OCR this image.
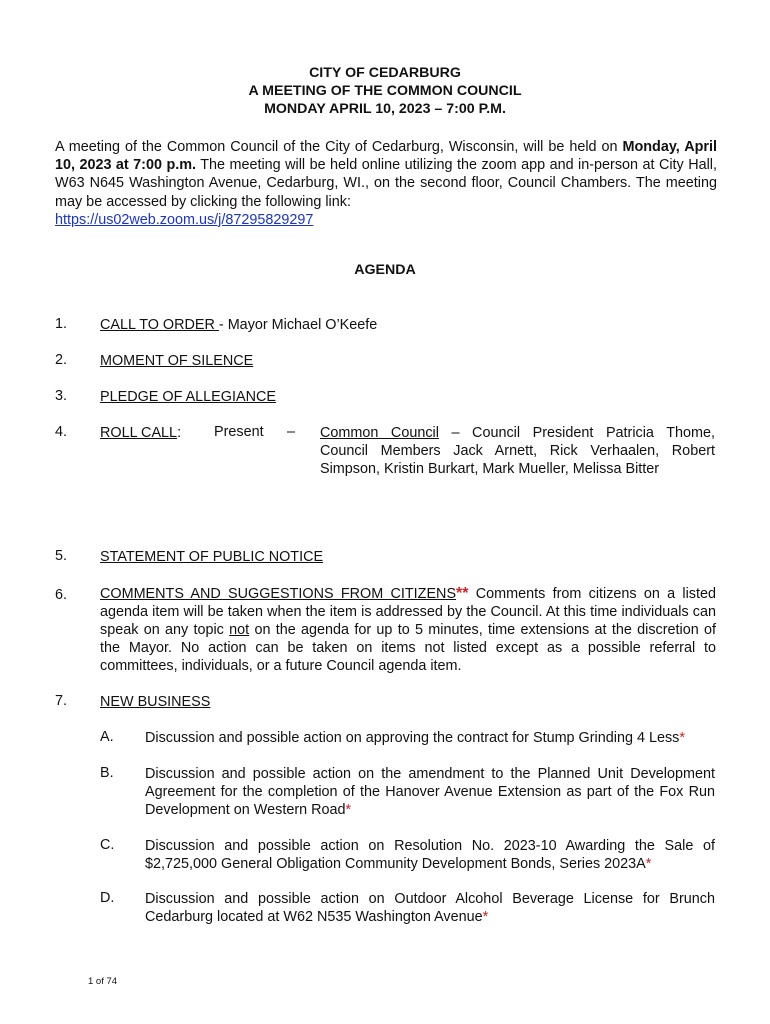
CITY OF CEDARBURG
A MEETING OF THE COMMON COUNCIL
MONDAY APRIL 10, 2023 – 7:00 P.M.
A meeting of the Common Council of the City of Cedarburg, Wisconsin, will be held on Monday, April 10, 2023 at 7:00 p.m. The meeting will be held online utilizing the zoom app and in-person at City Hall, W63 N645 Washington Avenue, Cedarburg, WI., on the second floor, Council Chambers. The meeting may be accessed by clicking the following link:
https://us02web.zoom.us/j/87295829297
AGENDA
1. CALL TO ORDER - Mayor Michael O’Keefe
2. MOMENT OF SILENCE
3. PLEDGE OF ALLEGIANCE
4. ROLL CALL: Present – Common Council – Council President Patricia Thome, Council Members Jack Arnett, Rick Verhaalen, Robert Simpson, Kristin Burkart, Mark Mueller, Melissa Bitter
5. STATEMENT OF PUBLIC NOTICE
6. COMMENTS AND SUGGESTIONS FROM CITIZENS** Comments from citizens on a listed agenda item will be taken when the item is addressed by the Council. At this time individuals can speak on any topic not on the agenda for up to 5 minutes, time extensions at the discretion of the Mayor. No action can be taken on items not listed except as a possible referral to committees, individuals, or a future Council agenda item.
7. NEW BUSINESS
A. Discussion and possible action on approving the contract for Stump Grinding 4 Less*
B. Discussion and possible action on the amendment to the Planned Unit Development Agreement for the completion of the Hanover Avenue Extension as part of the Fox Run Development on Western Road*
C. Discussion and possible action on Resolution No. 2023-10 Awarding the Sale of $2,725,000 General Obligation Community Development Bonds, Series 2023A*
D. Discussion and possible action on Outdoor Alcohol Beverage License for Brunch Cedarburg located at W62 N535 Washington Avenue*
1 of 74
